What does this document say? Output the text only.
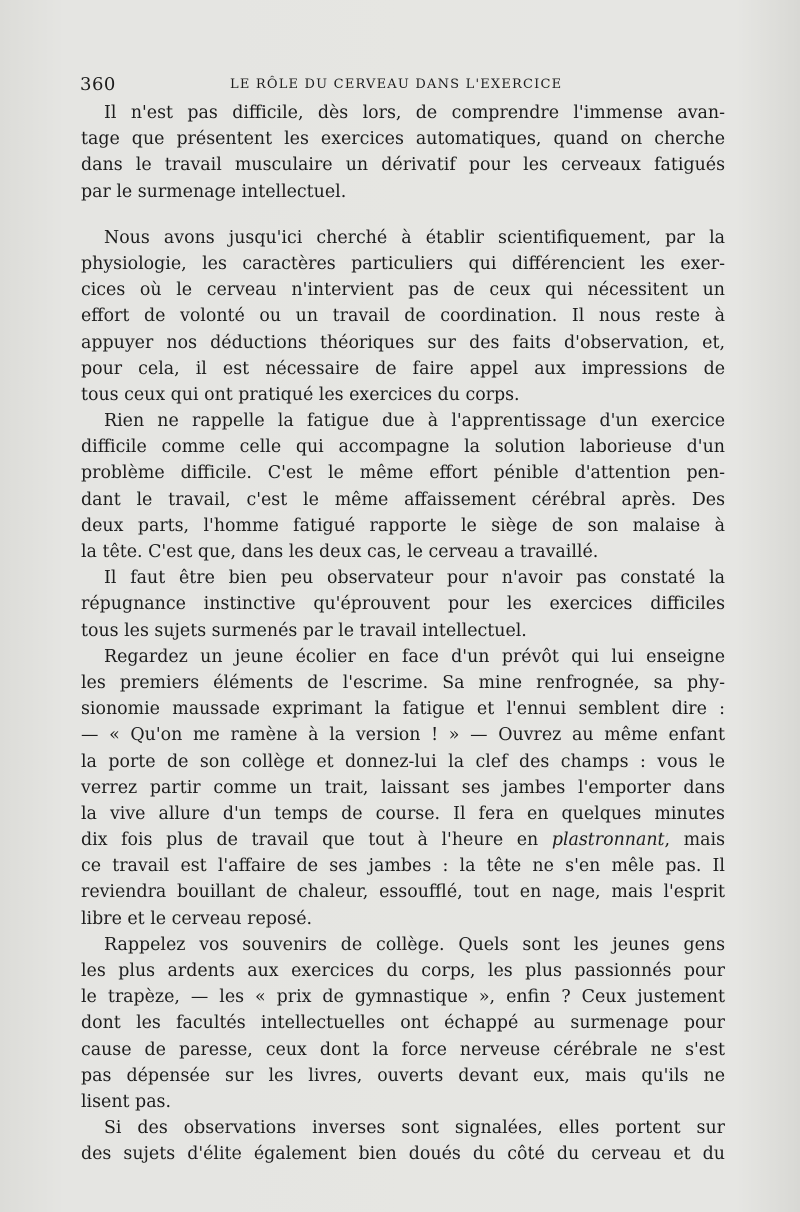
360	LE RÔLE DU CERVEAU DANS L'EXERCICE
Il n'est pas difficile, dès lors, de comprendre l'immense avan-
tage que présentent les exercices automatiques, quand on cherche
dans le travail musculaire un dérivatif pour les cerveaux fatigués
par le surmenage intellectuel.
Nous avons jusqu'ici cherché à établir scientifiquement, par la
physiologie, les caractères particuliers qui différencient les exer-
cices où le cerveau n'intervient pas de ceux qui nécessitent un
effort de volonté ou un travail de coordination. Il nous reste à
appuyer nos déductions théoriques sur des faits d'observation, et,
pour cela, il est nécessaire de faire appel aux impressions de
tous ceux qui ont pratiqué les exercices du corps.
Rien ne rappelle la fatigue due à l'apprentissage d'un exercice
difficile comme celle qui accompagne la solution laborieuse d'un
problème difficile. C'est le même effort pénible d'attention pen-
dant le travail, c'est le même affaissement cérébral après. Des
deux parts, l'homme fatigué rapporte le siège de son malaise à
la tête. C'est que, dans les deux cas, le cerveau a travaillé.
Il faut être bien peu observateur pour n'avoir pas constaté la
répugnance instinctive qu'éprouvent pour les exercices difficiles
tous les sujets surmenés par le travail intellectuel.
Regardez un jeune écolier en face d'un prévôt qui lui enseigne
les premiers éléments de l'escrime. Sa mine renfrognée, sa phy-
sionomie maussade exprimant la fatigue et l'ennui semblent dire :
— « Qu'on me ramène à la version ! » — Ouvrez au même enfant
la porte de son collège et donnez-lui la clef des champs : vous le
verrez partir comme un trait, laissant ses jambes l'emporter dans
la vive allure d'un temps de course. Il fera en quelques minutes
dix fois plus de travail que tout à l'heure en plastronnant, mais
ce travail est l'affaire de ses jambes : la tête ne s'en mêle pas. Il
reviendra bouillant de chaleur, essoufflé, tout en nage, mais l'esprit
libre et le cerveau reposé.
Rappelez vos souvenirs de collège. Quels sont les jeunes gens
les plus ardents aux exercices du corps, les plus passionnés pour
le trapèze, — les « prix de gymnastique », enfin ? Ceux justement
dont les facultés intellectuelles ont échappé au surmenage pour
cause de paresse, ceux dont la force nerveuse cérébrale ne s'est
pas dépensée sur les livres, ouverts devant eux, mais qu'ils ne
lisent pas.
Si des observations inverses sont signalées, elles portent sur
des sujets d'élite également bien doués du côté du cerveau et du
